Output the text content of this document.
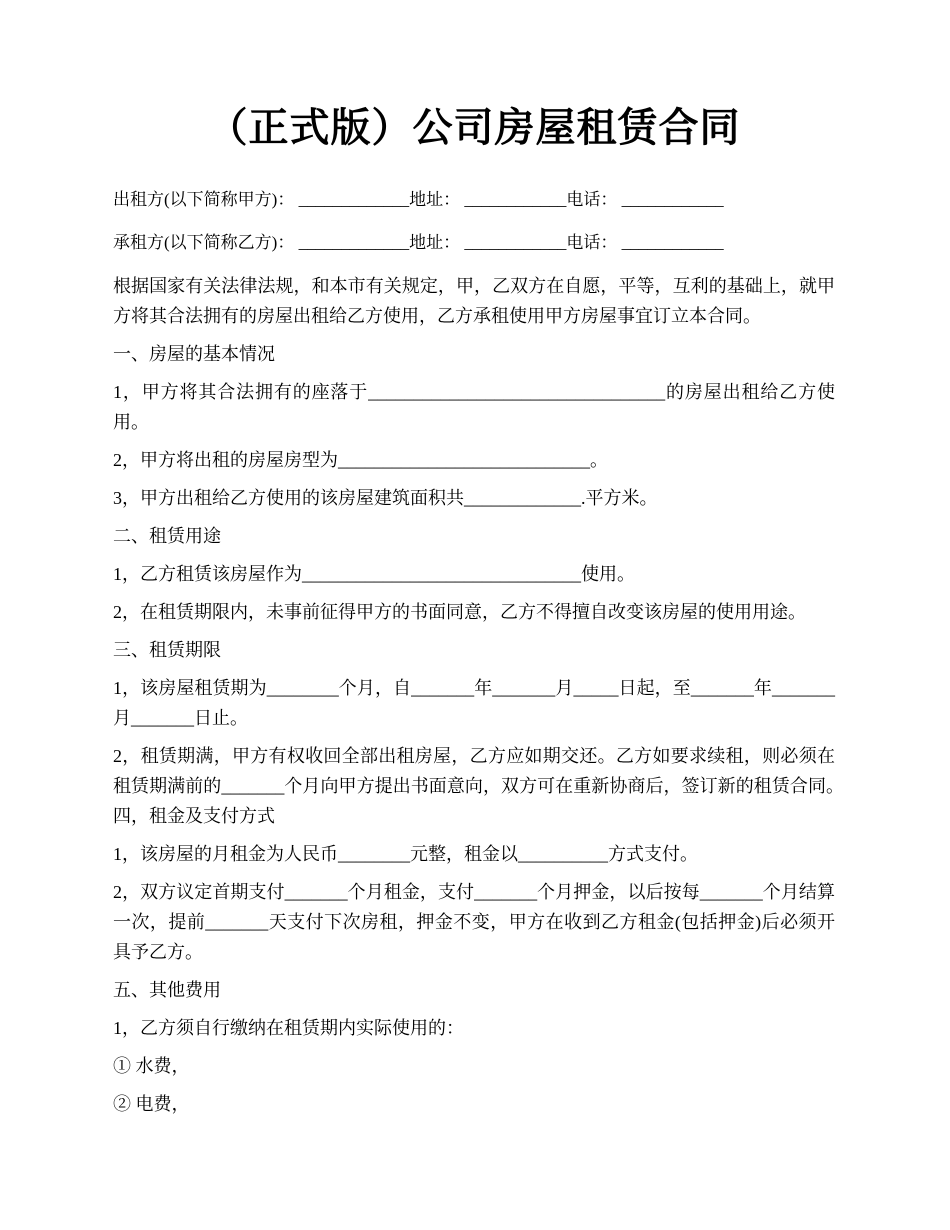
（正式版）公司房屋租赁合同

出租方(以下简称甲方)： _____________地址： ____________电话： ____________

承租方(以下简称乙方)： _____________地址： ____________电话： ____________

根据国家有关法律法规，和本市有关规定，甲，乙双方在自愿，平等，互利的基础上，就甲方将其合法拥有的房屋出租给乙方使用，乙方承租使用甲方房屋事宜订立本合同。

一、房屋的基本情况

1，甲方将其合法拥有的座落于_________________________________的房屋出租给乙方使用。

2，甲方将出租的房屋房型为____________________________。

3，甲方出租给乙方使用的该房屋建筑面积共_____________.平方米。

二、租赁用途

1，乙方租赁该房屋作为_______________________________使用。

2，在租赁期限内，未事前征得甲方的书面同意，乙方不得擅自改变该房屋的使用用途。

三、租赁期限

1，该房屋租赁期为________个月，自_______年_______月_____日起，至_______年_______月_______日止。

2，租赁期满，甲方有权收回全部出租房屋，乙方应如期交还。乙方如要求续租，则必须在租赁期满前的_______个月向甲方提出书面意向，双方可在重新协商后，签订新的租赁合同。　　　四，租金及支付方式

1，该房屋的月租金为人民币________元整，租金以__________方式支付。

2，双方议定首期支付_______个月租金，支付_______个月押金，以后按每_______个月结算一次，提前_______天支付下次房租，押金不变，甲方在收到乙方租金(包括押金)后必须开具予乙方。

五、其他费用

1，乙方须自行缴纳在租赁期内实际使用的：

① 水费，

② 电费，
